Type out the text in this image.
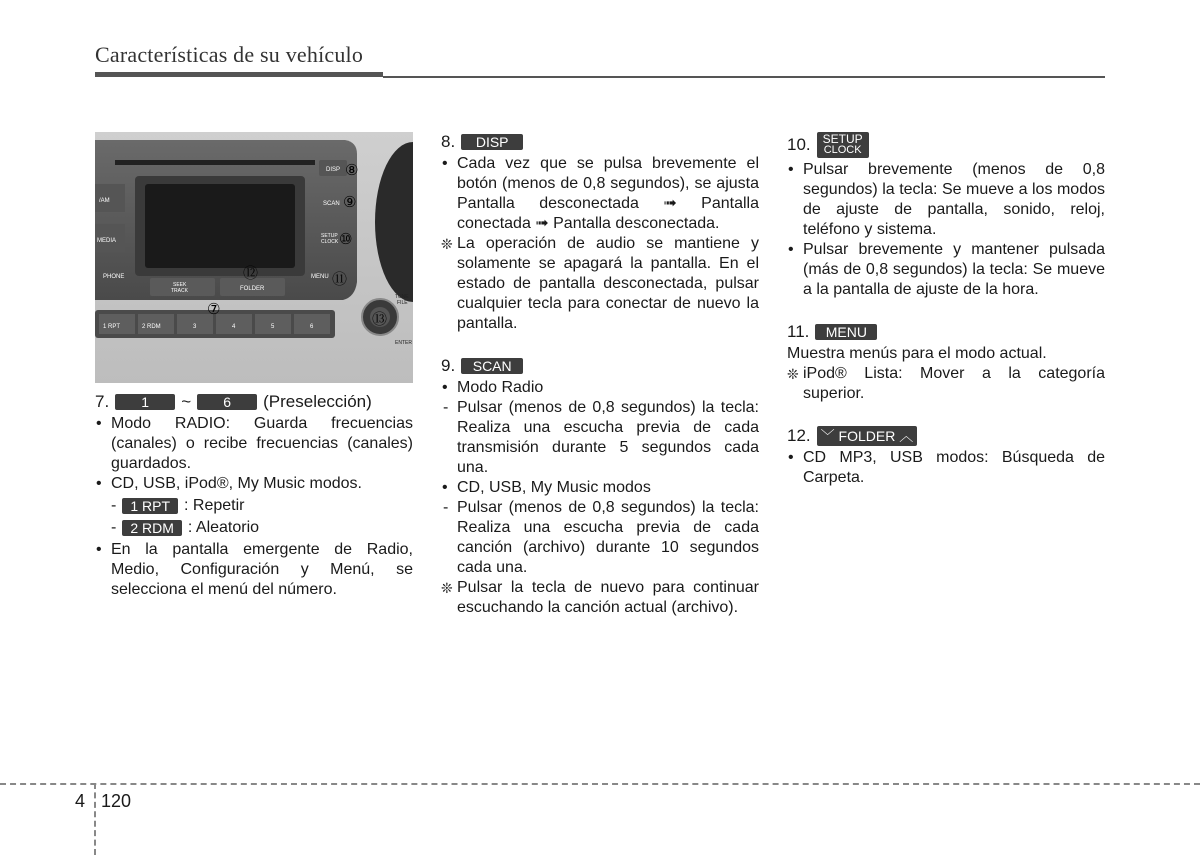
Características de su vehículo
/AM
MEDIA
PHONE
DISP
SCAN
SETUP
CLOCK
MENU
SEEK
TRACK	FOLDER
1 RPT	2 RDM	3	4	5	6
TUNE
FILE
ENTER
⑧
⑨
⑩
⑪
⑫
⑦
⑬
7.	1	~	6	(Preselección)
• Modo RADIO: Guarda frecuencias (canales) o recibe frecuencias (canales) guardados.
• CD, USB, iPod®, My Music modos.
-	1 RPT : Repetir
-	2 RDM : Aleatorio
• En la pantalla emergente de Radio, Medio, Configuración y Menú, se selecciona el menú del número.
8.	DISP
• Cada vez que se pulsa brevemente el botón (menos de 0,8 segundos), se ajusta Pantalla desconectada ➟ Pantalla conectada ➟ Pantalla desconectada.
❊ La operación de audio se mantiene y solamente se apagará la pantalla. En el estado de pantalla desconectada, pulsar cualquier tecla para conectar de nuevo la pantalla.
9.	SCAN
• Modo Radio
- Pulsar (menos de 0,8 segundos) la tecla: Realiza una escucha previa de cada transmisión durante 5 segundos cada una.
• CD, USB, My Music modos
- Pulsar (menos de 0,8 segundos) la tecla: Realiza una escucha previa de cada canción (archivo) durante 10 segundos cada una.
❊ Pulsar la tecla de nuevo para continuar escuchando la canción actual (archivo).
10. SETUP
CLOCK
• Pulsar brevemente (menos de 0,8 segundos) la tecla: Se mueve a los modos de ajuste de pantalla, sonido, reloj, teléfono y sistema.
• Pulsar brevemente y mantener pulsada (más de 0,8 segundos) la tecla: Se mueve a la pantalla de ajuste de la hora.
11.	MENU
Muestra menús para el modo actual.
❊ iPod® Lista: Mover a la categoría superior.
12. ﹀ FOLDER ︿
• CD MP3, USB modos: Búsqueda de Carpeta.
4 120
